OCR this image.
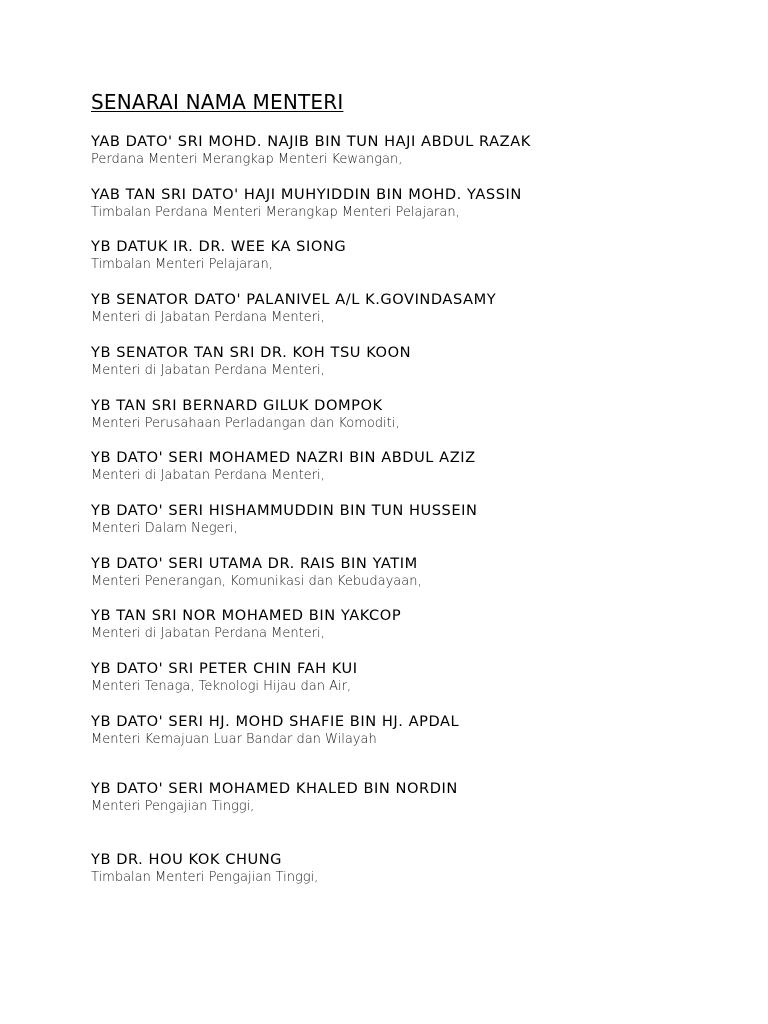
SENARAI NAMA MENTERI
YAB DATO' SRI MOHD. NAJIB BIN TUN HAJI ABDUL RAZAK
Perdana Menteri Merangkap Menteri Kewangan,
YAB TAN SRI DATO' HAJI MUHYIDDIN BIN MOHD. YASSIN
Timbalan Perdana Menteri Merangkap Menteri Pelajaran,
YB DATUK IR. DR. WEE KA SIONG
Timbalan Menteri Pelajaran,
YB SENATOR DATO' PALANIVEL A/L K.GOVINDASAMY
Menteri di Jabatan Perdana Menteri,
YB SENATOR TAN SRI DR. KOH TSU KOON
Menteri di Jabatan Perdana Menteri,
YB TAN SRI BERNARD GILUK DOMPOK
Menteri Perusahaan Perladangan dan Komoditi,
YB DATO' SERI MOHAMED NAZRI BIN ABDUL AZIZ
Menteri di Jabatan Perdana Menteri,
YB DATO' SERI HISHAMMUDDIN BIN TUN HUSSEIN
Menteri Dalam Negeri,
YB DATO' SERI UTAMA DR. RAIS BIN YATIM
Menteri Penerangan, Komunikasi dan Kebudayaan,
YB TAN SRI NOR MOHAMED BIN YAKCOP
Menteri di Jabatan Perdana Menteri,
YB DATO' SRI PETER CHIN FAH KUI
Menteri Tenaga, Teknologi Hijau dan Air,
YB DATO' SERI HJ. MOHD SHAFIE BIN HJ. APDAL
Menteri Kemajuan Luar Bandar dan Wilayah
YB DATO' SERI MOHAMED KHALED BIN NORDIN
Menteri Pengajian Tinggi,
YB DR. HOU KOK CHUNG
Timbalan Menteri Pengajian Tinggi,
